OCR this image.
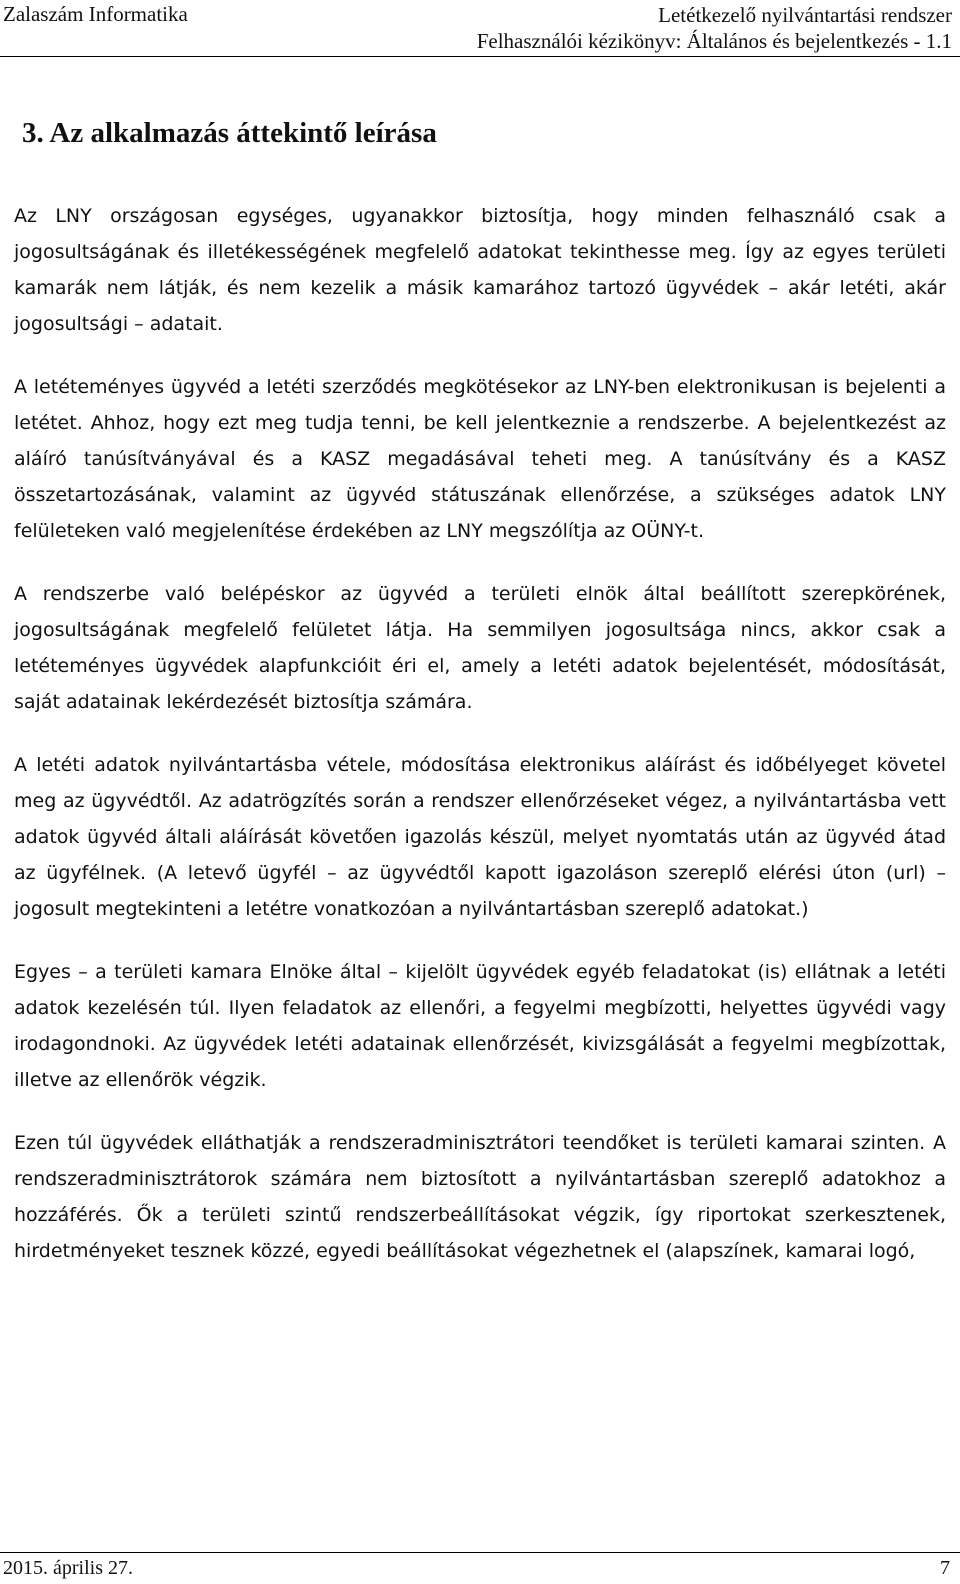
Zalaszám Informatika	Letétkezelő nyilvántartási rendszer
Felhasználói kézikönyv: Általános és bejelentkezés - 1.1
3. Az alkalmazás áttekintő leírása

Az LNY országosan egységes, ugyanakkor biztosítja, hogy minden felhasználó csak a jogosultságának és illetékességének megfelelő adatokat tekinthesse meg. Így az egyes területi kamarák nem látják, és nem kezelik a másik kamarához tartozó ügyvédek – akár letéti, akár jogosultsági – adatait.

A letéteményes ügyvéd a letéti szerződés megkötésekor az LNY-ben elektronikusan is bejelenti a letétet. Ahhoz, hogy ezt meg tudja tenni, be kell jelentkeznie a rendszerbe. A bejelentkezést az aláíró tanúsítványával és a KASZ megadásával teheti meg. A tanúsítvány és a KASZ összetartozásának, valamint az ügyvéd státuszának ellenőrzése, a szükséges adatok LNY felületeken való megjelenítése érdekében az LNY megszólítja az OÜNY-t.

A rendszerbe való belépéskor az ügyvéd a területi elnök által beállított szerepkörének, jogosultságának megfelelő felületet látja. Ha semmilyen jogosultsága nincs, akkor csak a letéteményes ügyvédek alapfunkcióit éri el, amely a letéti adatok bejelentését, módosítását, saját adatainak lekérdezését biztosítja számára.

A letéti adatok nyilvántartásba vétele, módosítása elektronikus aláírást és időbélyeget követel meg az ügyvédtől. Az adatrögzítés során a rendszer ellenőrzéseket végez, a nyilvántartásba vett adatok ügyvéd általi aláírását követően igazolás készül, melyet nyomtatás után az ügyvéd átad az ügyfélnek. (A letevő ügyfél – az ügyvédtől kapott igazoláson szereplő elérési úton (url) – jogosult megtekinteni a letétre vonatkozóan a nyilvántartásban szereplő adatokat.)

Egyes – a területi kamara Elnöke által – kijelölt ügyvédek egyéb feladatokat (is) ellátnak a letéti adatok kezelésén túl. Ilyen feladatok az ellenőri, a fegyelmi megbízotti, helyettes ügyvédi vagy irodagondnoki. Az ügyvédek letéti adatainak ellenőrzését, kivizsgálását a fegyelmi megbízottak, illetve az ellenőrök végzik.

Ezen túl ügyvédek elláthatják a rendszeradminisztrátori teendőket is területi kamarai szinten. A rendszeradminisztrátorok számára nem biztosított a nyilvántartásban szereplő adatokhoz a hozzáférés. Ők a területi szintű rendszerbeállításokat végzik, így riportokat szerkesztenek, hirdetményeket tesznek közzé, egyedi beállításokat végezhetnek el (alapszínek, kamarai logó,

2015. április 27.	7
